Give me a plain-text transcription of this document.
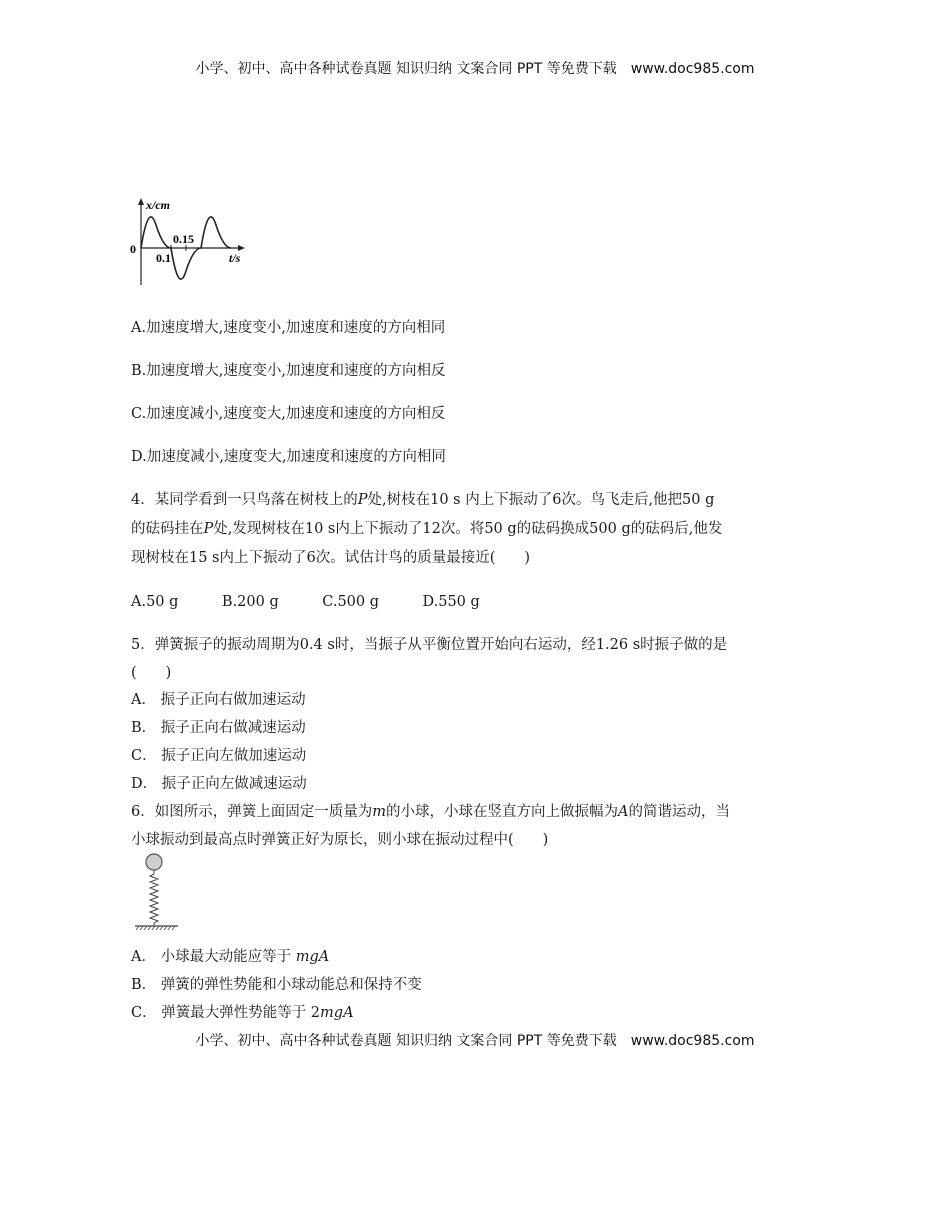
小学、初中、高中各种试卷真题 知识归纳 文案合同 PPT 等免费下载 www.doc985.com
x/cm
t/s
0
0.1
0.15
A.加速度增大,速度变小,加速度和速度的方向相同
B.加速度增大,速度变小,加速度和速度的方向相反
C.加速度减小,速度变大,加速度和速度的方向相反
D.加速度减小,速度变大,加速度和速度的方向相同
4．某同学看到一只鸟落在树枝上的P处,树枝在10 s 内上下振动了6次。鸟飞走后,他把50 g
的砝码挂在P处,发现树枝在10 s内上下振动了12次。将50 g的砝码换成500 g的砝码后,他发
现树枝在15 s内上下振动了6次。试估计鸟的质量最接近(　　)
A.50 g　　　B.200 g　　　C.500 g　　　D.550 g
5．弹簧振子的振动周期为0.4 s时，当振子从平衡位置开始向右运动，经1.26 s时振子做的是
(　　)
A． 振子正向右做加速运动
B． 振子正向右做减速运动
C． 振子正向左做加速运动
D． 振子正向左做减速运动
6．如图所示，弹簧上面固定一质量为m的小球，小球在竖直方向上做振幅为A的简谐运动，当
小球振动到最高点时弹簧正好为原长，则小球在振动过程中(　　)
A． 小球最大动能应等于 mgA
B． 弹簧的弹性势能和小球动能总和保持不变
C． 弹簧最大弹性势能等于 2mgA
小学、初中、高中各种试卷真题 知识归纳 文案合同 PPT 等免费下载 www.doc985.com
